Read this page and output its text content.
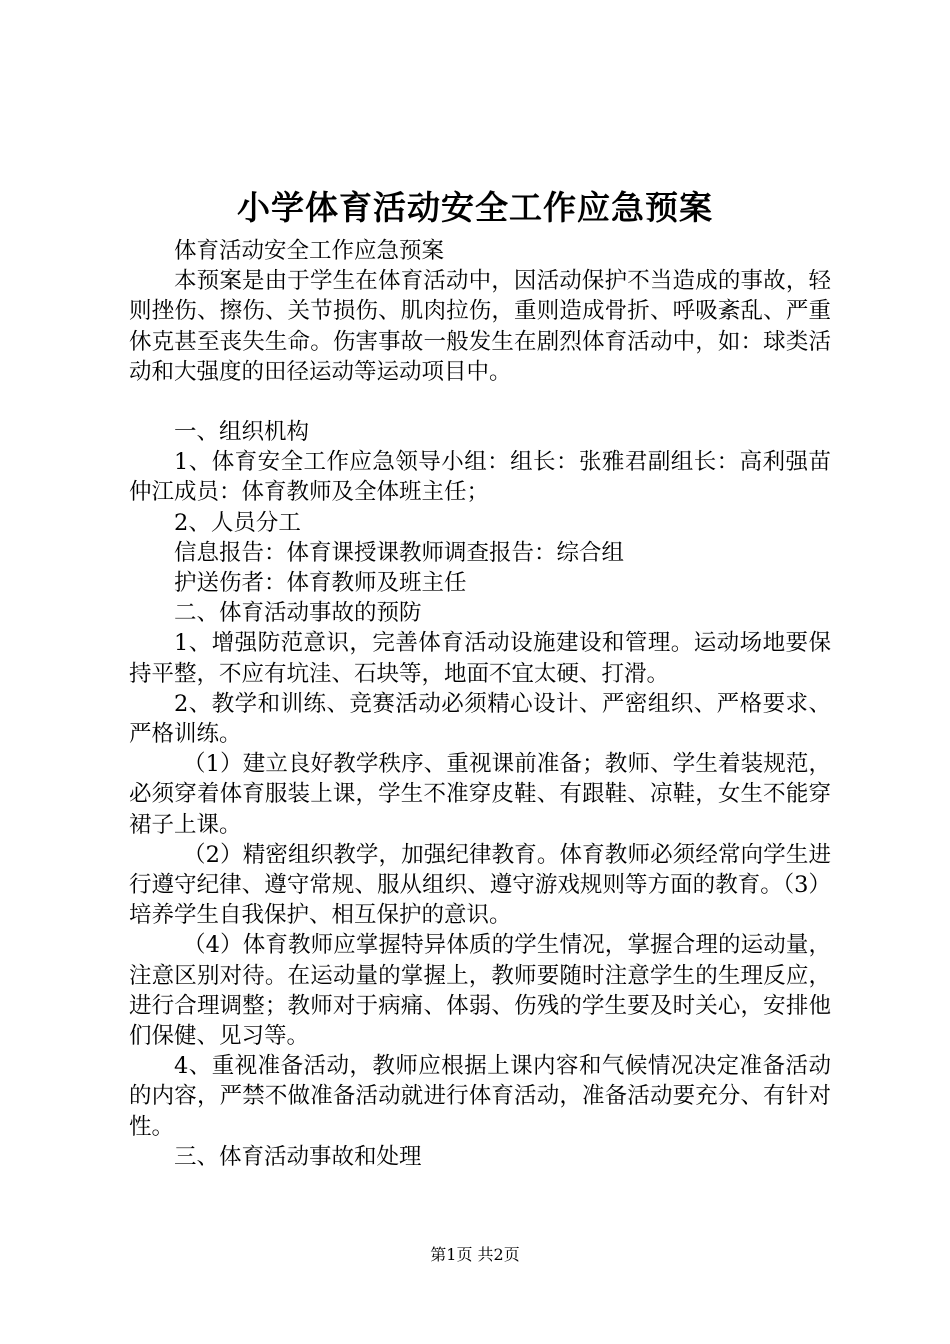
小学体育活动安全工作应急预案

体育活动安全工作应急预案

本预案是由于学生在体育活动中，因活动保护不当造成的事故，轻则挫伤、擦伤、关节损伤、肌肉拉伤，重则造成骨折、呼吸紊乱、严重休克甚至丧失生命。伤害事故一般发生在剧烈体育活动中，如：球类活动和大强度的田径运动等运动项目中。

一、组织机构

1、体育安全工作应急领导小组：组长：张雅君副组长：高利强苗仲江成员：体育教师及全体班主任；

2、人员分工

信息报告：体育课授课教师调查报告：综合组

护送伤者：体育教师及班主任

二、体育活动事故的预防

1、增强防范意识，完善体育活动设施建设和管理。运动场地要保持平整，不应有坑洼、石块等，地面不宜太硬、打滑。

2、教学和训练、竞赛活动必须精心设计、严密组织、严格要求、严格训练。

（1）建立良好教学秩序、重视课前准备；教师、学生着装规范，必须穿着体育服装上课，学生不准穿皮鞋、有跟鞋、凉鞋，女生不能穿裙子上课。

（2）精密组织教学，加强纪律教育。体育教师必须经常向学生进行遵守纪律、遵守常规、服从组织、遵守游戏规则等方面的教育。（3）培养学生自我保护、相互保护的意识。

（4）体育教师应掌握特异体质的学生情况，掌握合理的运动量，注意区别对待。在运动量的掌握上，教师要随时注意学生的生理反应，进行合理调整；教师对于病痛、体弱、伤残的学生要及时关心，安排他们保健、见习等。

4、重视准备活动，教师应根据上课内容和气候情况决定准备活动的内容，严禁不做准备活动就进行体育活动，准备活动要充分、有针对性。

三、体育活动事故和处理

第1页 共2页
